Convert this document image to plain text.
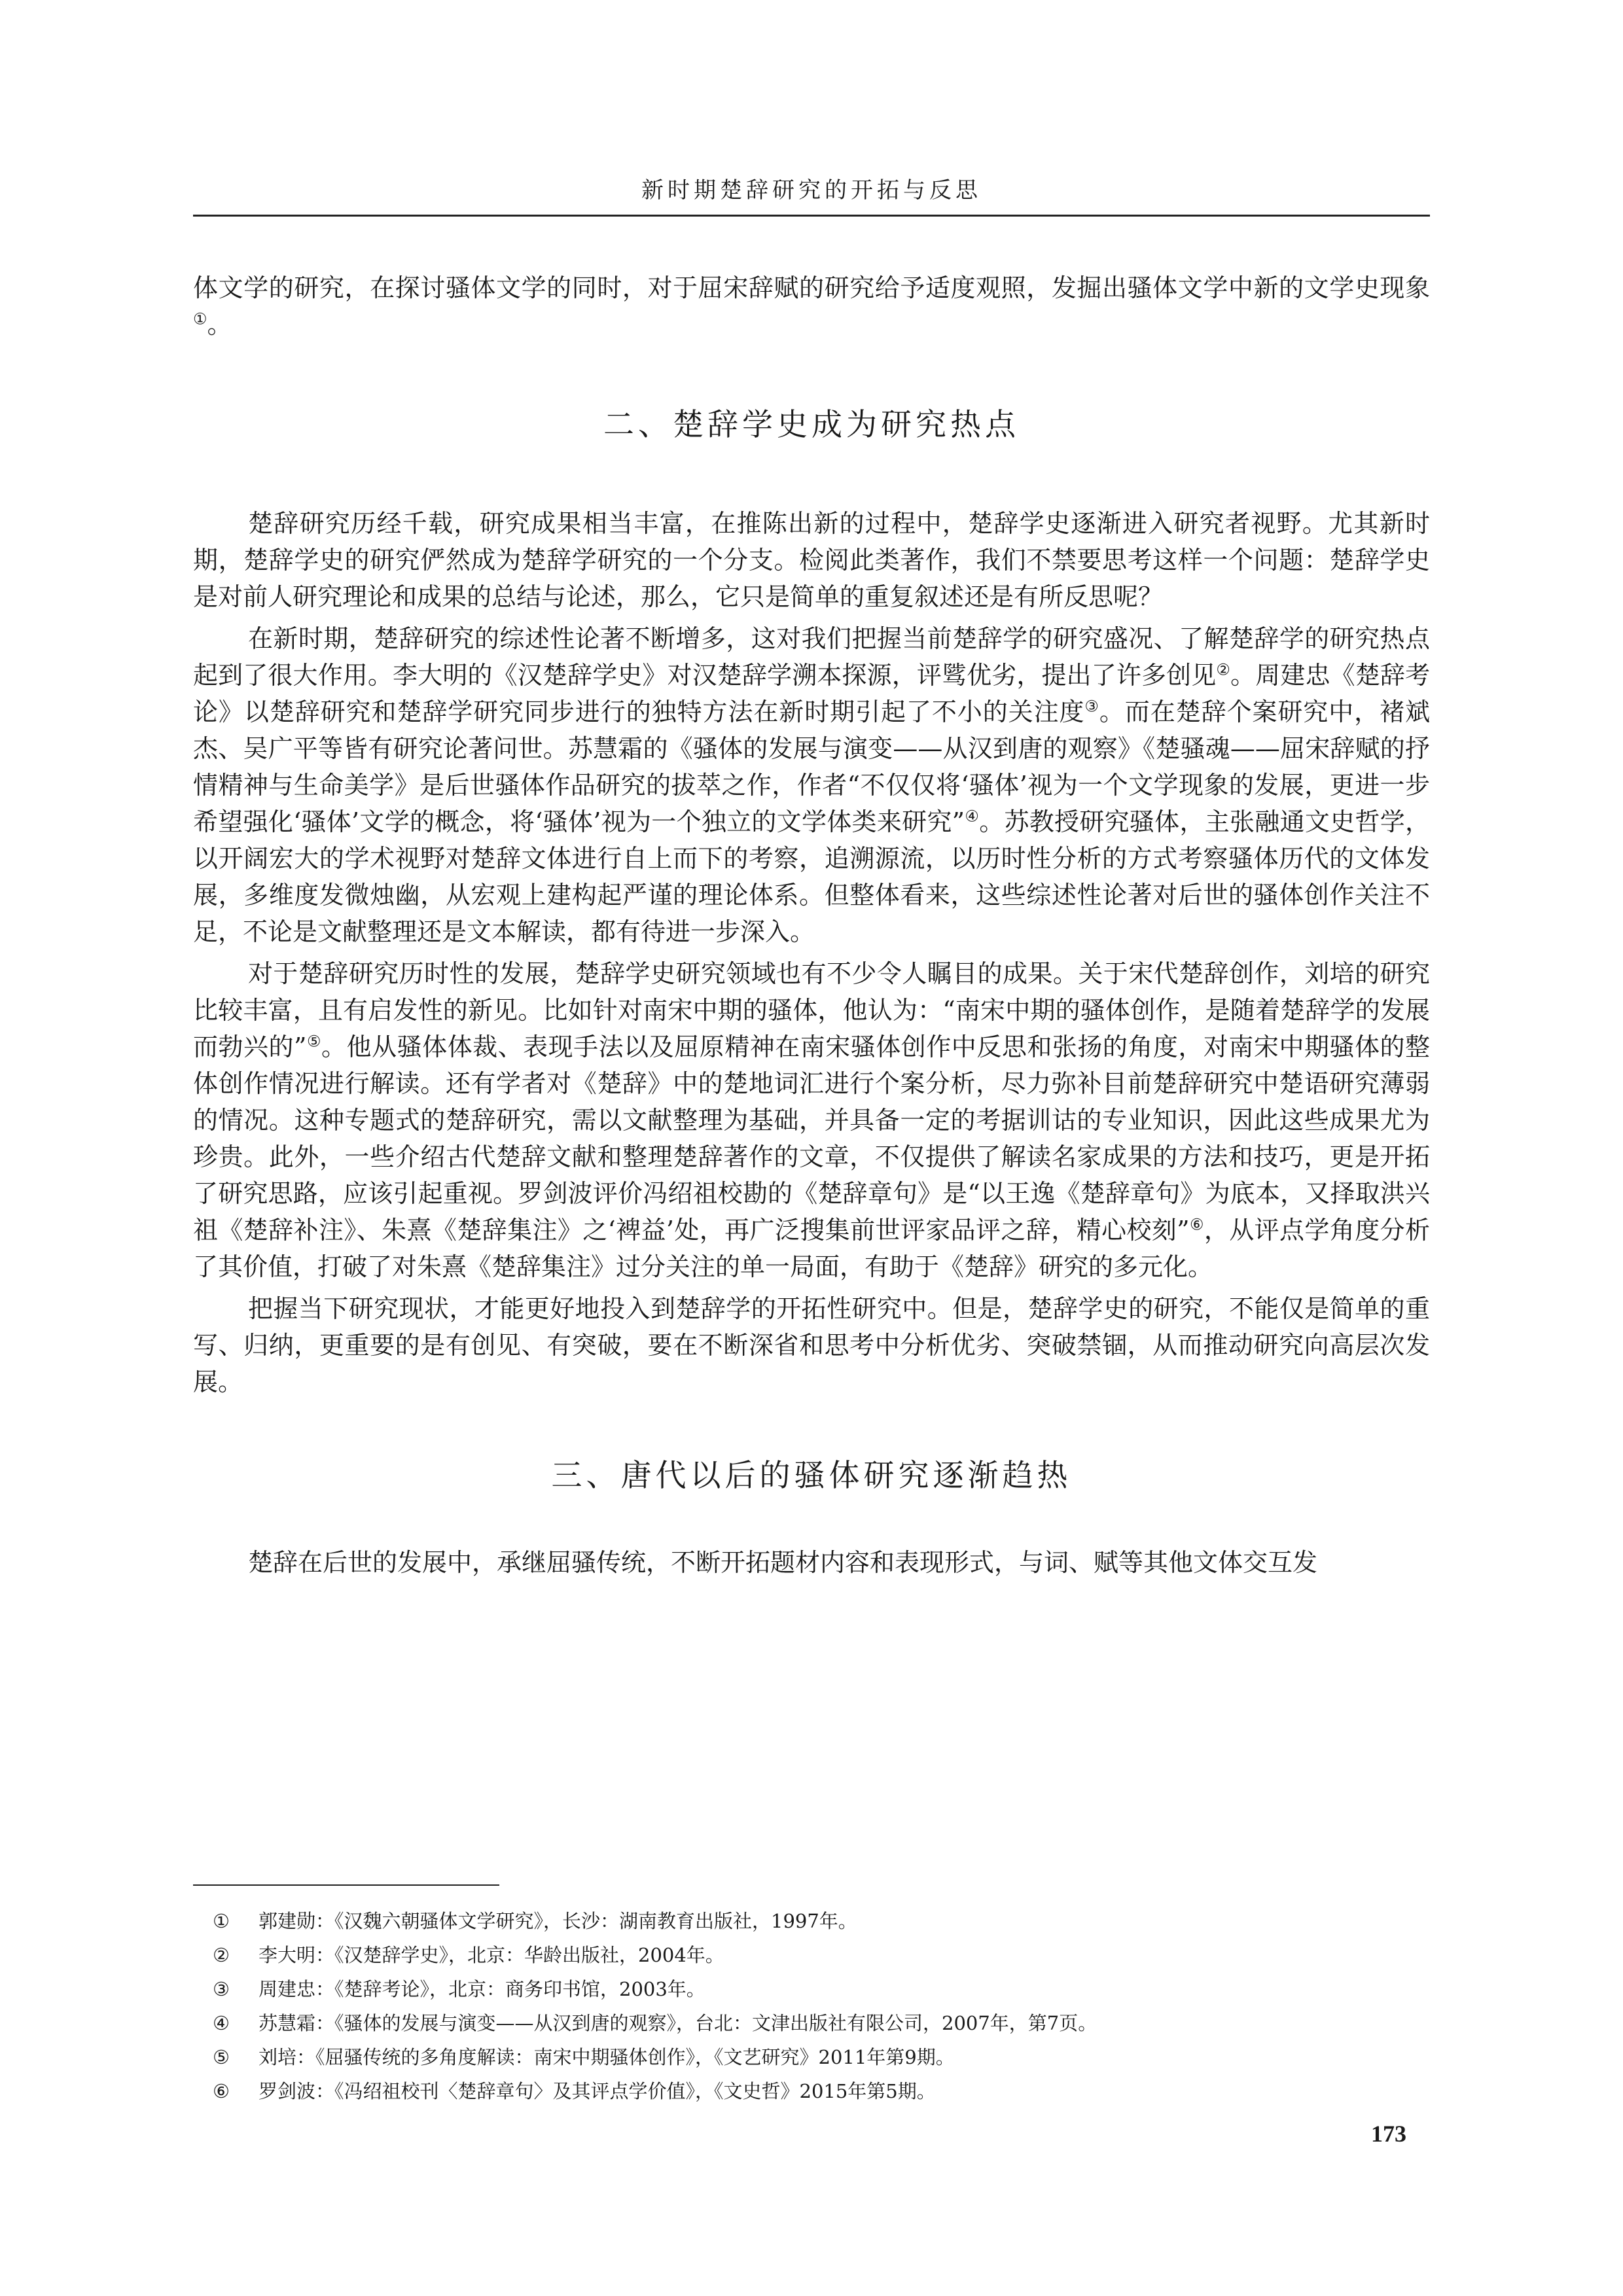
新时期楚辞研究的开拓与反思

体文学的研究，在探讨骚体文学的同时，对于屈宋辞赋的研究给予适度观照，发掘出骚体文学中新的文学史现象①。

二、楚辞学史成为研究热点

楚辞研究历经千载，研究成果相当丰富，在推陈出新的过程中，楚辞学史逐渐进入研究者视野。尤其新时期，楚辞学史的研究俨然成为楚辞学研究的一个分支。检阅此类著作，我们不禁要思考这样一个问题：楚辞学史是对前人研究理论和成果的总结与论述，那么，它只是简单的重复叙述还是有所反思呢？

在新时期，楚辞研究的综述性论著不断增多，这对我们把握当前楚辞学的研究盛况、了解楚辞学的研究热点起到了很大作用。李大明的《汉楚辞学史》对汉楚辞学溯本探源，评骘优劣，提出了许多创见②。周建忠《楚辞考论》以楚辞研究和楚辞学研究同步进行的独特方法在新时期引起了不小的关注度③。而在楚辞个案研究中，褚斌杰、吴广平等皆有研究论著问世。苏慧霜的《骚体的发展与演变——从汉到唐的观察》《楚骚魂——屈宋辞赋的抒情精神与生命美学》是后世骚体作品研究的拔萃之作，作者“不仅仅将‘骚体’视为一个文学现象的发展，更进一步希望强化‘骚体’文学的概念，将‘骚体’视为一个独立的文学体类来研究”④。苏教授研究骚体，主张融通文史哲学，以开阔宏大的学术视野对楚辞文体进行自上而下的考察，追溯源流，以历时性分析的方式考察骚体历代的文体发展，多维度发微烛幽，从宏观上建构起严谨的理论体系。但整体看来，这些综述性论著对后世的骚体创作关注不足，不论是文献整理还是文本解读，都有待进一步深入。

对于楚辞研究历时性的发展，楚辞学史研究领域也有不少令人瞩目的成果。关于宋代楚辞创作，刘培的研究比较丰富，且有启发性的新见。比如针对南宋中期的骚体，他认为：“南宋中期的骚体创作，是随着楚辞学的发展而勃兴的”⑤。他从骚体体裁、表现手法以及屈原精神在南宋骚体创作中反思和张扬的角度，对南宋中期骚体的整体创作情况进行解读。还有学者对《楚辞》中的楚地词汇进行个案分析，尽力弥补目前楚辞研究中楚语研究薄弱的情况。这种专题式的楚辞研究，需以文献整理为基础，并具备一定的考据训诂的专业知识，因此这些成果尤为珍贵。此外，一些介绍古代楚辞文献和整理楚辞著作的文章，不仅提供了解读名家成果的方法和技巧，更是开拓了研究思路，应该引起重视。罗剑波评价冯绍祖校勘的《楚辞章句》是“以王逸《楚辞章句》为底本，又择取洪兴祖《楚辞补注》、朱熹《楚辞集注》之‘裨益’处，再广泛搜集前世评家品评之辞，精心校刻”⑥，从评点学角度分析了其价值，打破了对朱熹《楚辞集注》过分关注的单一局面，有助于《楚辞》研究的多元化。

把握当下研究现状，才能更好地投入到楚辞学的开拓性研究中。但是，楚辞学史的研究，不能仅是简单的重写、归纳，更重要的是有创见、有突破，要在不断深省和思考中分析优劣、突破禁锢，从而推动研究向高层次发展。

三、唐代以后的骚体研究逐渐趋热

楚辞在后世的发展中，承继屈骚传统，不断开拓题材内容和表现形式，与词、赋等其他文体交互发

①	郭建勋：《汉魏六朝骚体文学研究》，长沙：湖南教育出版社，1997年。
②	李大明：《汉楚辞学史》，北京：华龄出版社，2004年。
③	周建忠：《楚辞考论》，北京：商务印书馆，2003年。
④	苏慧霜：《骚体的发展与演变——从汉到唐的观察》，台北：文津出版社有限公司，2007年，第7页。
⑤	刘培：《屈骚传统的多角度解读：南宋中期骚体创作》，《文艺研究》2011年第9期。
⑥	罗剑波：《冯绍祖校刊〈楚辞章句〉及其评点学价值》，《文史哲》2015年第5期。
173
